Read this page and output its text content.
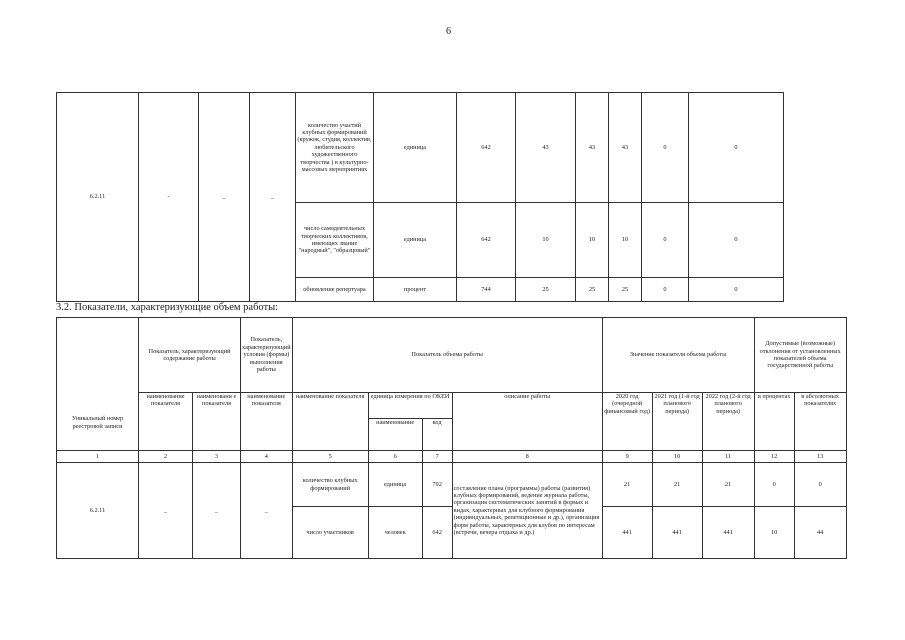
6
6.2.11	-	_	_	количество участий клубных формирований (кружок, студия, коллектив, любительского художественного творчества ) в культурно-массовых мероприятиях	единица	642	43	43	43	0	0
				число самодеятельных творческих коллективов, имеющих звание "народный", "образцовый"	единица	642	10	10	10	0	0
				обновление репертуара	процент	744	25	25	25	0	0
3.2. Показатели, характеризующие объем работы:
Уникальный номер реестровой записи	Показатель, характеризующий содержание работы		Показатель, характеризующий условия (формы) выполнения работы	Показатель объема работы				Значение показателя объема работы			Допустимые (возможные) отклонения от установленных показателей объема государственной работы	
	наименование показателя	наименовани е показателя	наименование показателя	наименование показателя	единица измерения по ОКЕИ		описание работы	2020 год (очередной финансовый год)	2021 год (1-й год планового периода)	2022 год (2-й год планового периода)	в процентах	в абсолютных показателях
					наименование	код						
1	2	3	4	5	6	7	8	9	10	11	12	13
6.2.11	_	_	_	количество клубных формирований	единица	792	составление плана (программы) работы (развития) клубных формирований, ведение журнала работы, организация систематических занятий в формах и видах, характерных для клубного формирования (индивидуальных, репетиционные и др.), организация форм работы, характерных для клубов по интересам (встречи, вечера отдыха и др.)	21	21	21	0	0
				число участников	человек	642		441	441	441	10	44
